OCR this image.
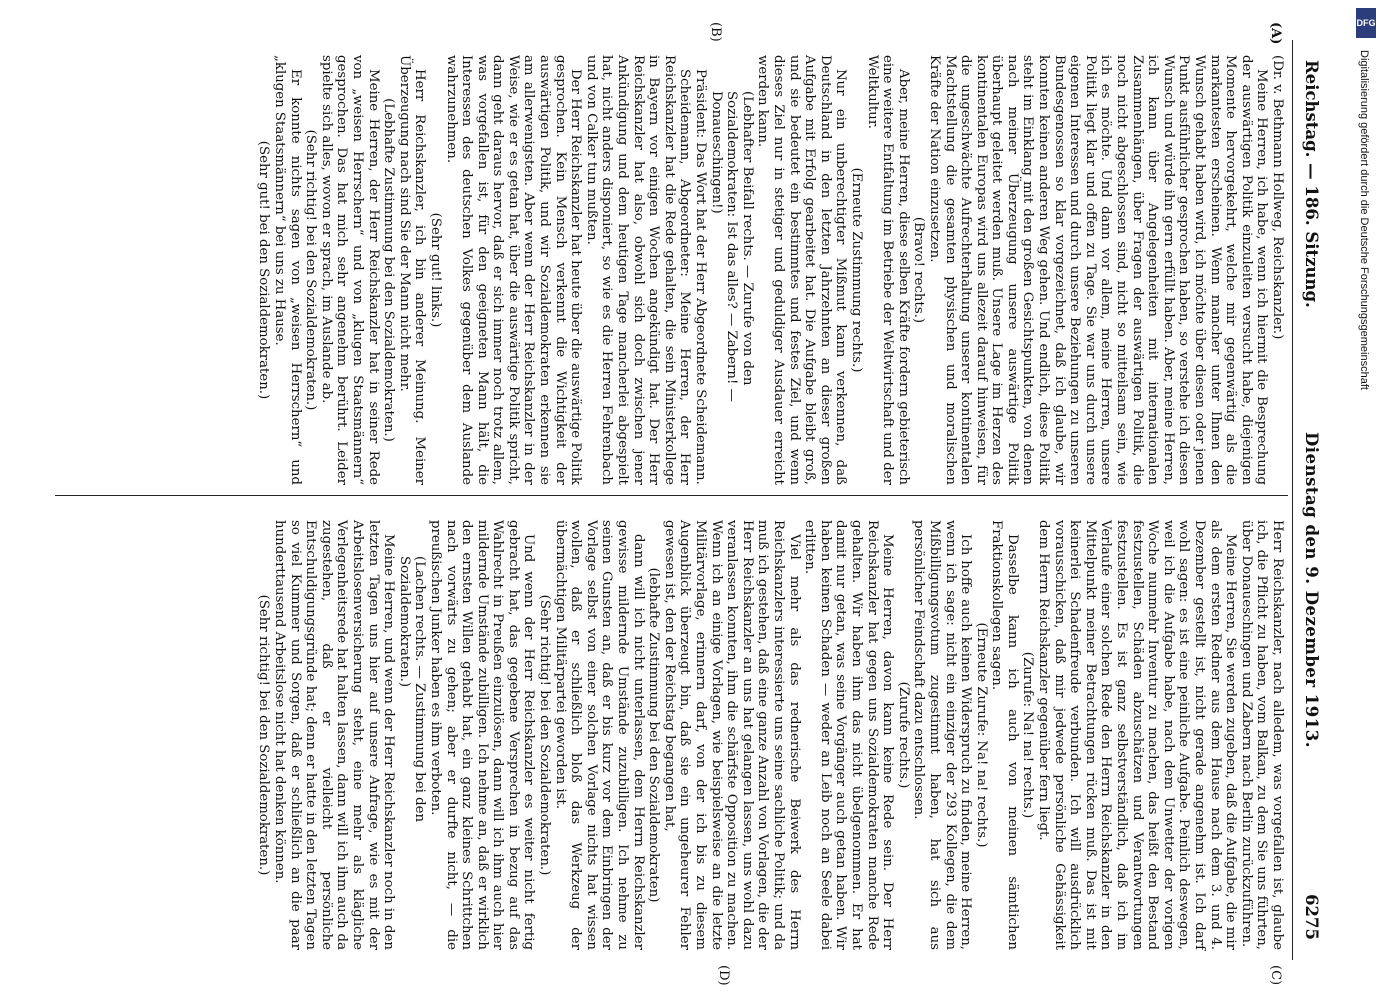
Reichstag. — 186. Sitzung.
Dienstag den 9. Dezember 1913.
6275
(A)
(B)
(C)
(D)

(Dr. v. Bethmann Hollweg, Reichskanzler.)

Meine Herren, ich habe, wenn ich hiermit die Besprechung der auswärtigen Politik einzuleiten versucht habe, diejenigen Momente hervorgekehrt, welche mir gegenwärtig als die markantesten erscheinen. Wenn mancher unter Ihnen den Wunsch gehabt haben wird, ich möchte über diesen oder jenen Punkt ausführlicher gesprochen haben, so verstehe ich diesen Wunsch und würde ihn gern erfüllt haben. Aber, meine Herren, ich kann über Angelegenheiten mit internationalen Zusammenhängen, über Fragen der auswärtigen Politik, die noch nicht abgeschlossen sind, nicht so mitteilsam sein, wie ich es möchte. Und dann vor allem, meine Herren, unsere Politik liegt klar und offen zu Tage. Sie war uns durch unsere eigenen Interessen und durch unsere Beziehungen zu unseren Bundesgenossen so klar vorgezeichnet, daß ich glaube, wir konnten keinen anderen Weg gehen. Und endlich, diese Politik steht im Einklang mit den großen Gesichtspunkten, von denen nach meiner Überzeugung unsere auswärtige Politik überhaupt geleitet werden muß. Unsere Lage im Herzen des kontinentalen Europas wird uns allezeit darauf hinweisen, für die ungeschwächte Aufrechterhaltung unserer kontinentalen Machtstellung die gesamten physischen und moralischen Kräfte der Nation einzusetzen.

(Bravo! rechts.)

Aber, meine Herren, diese selben Kräfte fordern gebieterisch eine weitere Entfaltung im Betriebe der Weltwirtschaft und der Weltkultur.

(Erneute Zustimmung rechts.)

Nur ein unberechtigter Mißmut kann verkennen, daß Deutschland in den letzten Jahrzehnten an dieser großen Aufgabe mit Erfolg gearbeitet hat. Die Aufgabe bleibt groß, und sie bedeutet ein bestimmtes und festes Ziel, und wenn dieses Ziel nur in stetiger und geduldiger Ausdauer erreicht werden kann.

(Lebhafter Beifall rechts. — Zurufe von den Sozialdemokraten: Ist das alles? — Zabern! — Donaueschingen!)

Präsident: Das Wort hat der Herr Abgeordnete Scheidemann.

Scheidemann, Abgeordneter: Meine Herren, der Herr Reichskanzler hat die Rede gehalten, die sein Ministerkollege in Bayern vor einigen Wochen angekündigt hat. Der Herr Reichskanzler hat also, obwohl sich doch zwischen jener Ankündigung und dem heutigen Tage mancherlei abgespielt hat, nicht anders disponiert, so wie es die Herren Fehrenbach und von Calker tun mußten.

Der Herr Reichskanzler hat heute über die auswärtige Politik gesprochen. Kein Mensch verkennt die Wichtigkeit der auswärtigen Politik, und wir Sozialdemokraten erkennen sie am allerwenigsten. Aber wenn der Herr Reichskanzler in der Weise, wie er es getan hat, über die auswärtige Politik spricht, dann geht daraus hervor, daß er sich immer noch trotz allem, was vorgefallen ist, für den geeigneten Mann hält, die Interessen des deutschen Volkes gegenüber dem Auslande wahrzunehmen.

(Sehr gut! links.)

Herr Reichskanzler, ich bin anderer Meinung. Meiner Überzeugung nach sind Sie der Mann nicht mehr.

(Lebhafte Zustimmung bei den Sozialdemokraten.)

Meine Herren, der Herr Reichskanzler hat in seiner Rede von „weisen Herrschern“ und von „klugen Staatsmännern“ gesprochen. Das hat mich sehr angenehm berührt. Leider spielte sich alles, wovon er sprach, im Auslande ab.

(Sehr richtig! bei den Sozialdemokraten.)

Er konnte nichts sagen von „weisen Herrschern“ und „klugen Staatsmännern“ bei uns zu Hause.

(Sehr gut! bei den Sozialdemokraten.)

Herr Reichskanzler, nach alledem, was vorgefallen ist, glaube ich, die Pflicht zu haben, vom Balkan, zu dem Sie uns führten, über Donaueschingen und Zabern nach Berlin zurückzuführen.

Meine Herren, Sie werden zugeben, daß die Aufgabe, die mir als dem ersten Redner aus dem Hause nach dem 3. und 4. Dezember gestellt ist, nicht gerade angenehm ist. Ich darf wohl sagen: es ist eine peinliche Aufgabe. Peinlich deswegen, weil ich die Aufgabe habe, nach dem Unwetter der vorigen Woche nunmehr Inventur zu machen, das heißt den Bestand festzustellen, Schäden abzuschätzen und Verantwortungen festzustellen. Es ist ganz selbstverständlich, daß ich im Verlaufe einer solchen Rede den Herrn Reichskanzler in den Mittelpunkt meiner Betrachtungen rücken muß. Das ist mit keinerlei Schadenfreude verbunden. Ich will ausdrücklich vorausschicken, daß mir jedwede persönliche Gehässigkeit dem Herrn Reichskanzler gegenüber fern liegt.

(Zurufe: Na! na! rechts.)

Dasselbe kann ich auch von meinen sämtlichen Fraktionskollegen sagen.

(Erneute Zurufe: Na! na! rechts.)

Ich hoffe auch keinen Widerspruch zu finden, meine Herren, wenn ich sage: nicht ein einziger der 293 Kollegen, die dem Mißbilligungsvotum zugestimmt haben, hat sich aus persönlicher Feindschaft dazu entschlossen.

(Zurufe rechts.)

Meine Herren, davon kann keine Rede sein. Der Herr Reichskanzler hat gegen uns Sozialdemokraten manche Rede gehalten. Wir haben ihm das nicht übelgenommen. Er hat damit nur getan, was seine Vorgänger auch getan haben. Wir haben keinen Schaden — weder an Leib noch an Seele dabei erlitten.

Viel mehr als das rednerische Beiwerk des Herrn Reichskanzlers interessierte uns seine sachliche Politik; und da muß ich gestehen, daß eine ganze Anzahl von Vorlagen, die der Herr Reichskanzler an uns hat gelangen lassen, uns wohl dazu veranlassen konnten, ihm die schärfste Opposition zu machen. Wenn ich an einige Vorlagen, wie beispielsweise an die letzte Militärvorlage, erinnern darf, von der ich bis zu diesem Augenblick überzeugt bin, daß sie ein ungeheurer Fehler gewesen ist, den der Reichstag begangen hat,

(lebhafte Zustimmung bei den Sozialdemokraten)

dann will ich nicht unterlassen, dem Herrn Reichskanzler gewisse mildernde Umstände zuzubilligen. Ich nehme zu seinen Gunsten an, daß er bis kurz vor dem Einbringen der Vorlage selbst von einer solchen Vorlage nichts hat wissen wollen, daß er schließlich bloß das Werkzeug der übermächtigen Militärpartei geworden ist.

(Sehr richtig! bei den Sozialdemokraten.)

Und wenn der Herr Reichskanzler es weiter nicht fertig gebracht hat, das gegebene Versprechen in bezug auf das Wahlrecht in Preußen einzulösen, dann will ich ihm auch hier mildernde Umstände zubilligen. Ich nehme an, daß er wirklich den ernsten Willen gehabt hat, ein ganz kleines Schrittchen nach vorwärts zu gehen; aber er durfte nicht, — die preußischen Junker haben es ihm verboten.

(Lachen rechts. — Zustimmung bei den Sozialdemokraten.)

Meine Herren, und wenn der Herr Reichskanzler noch in den letzten Tagen uns hier auf unsere Anfrage, wie es mit der Arbeitslosenversicherung steht, eine mehr als klägliche Verlegenheitsrede hat halten lassen, dann will ich ihm auch da zugestehen, daß er vielleicht persönliche Entschuldigungsgründe hat; denn er hatte in den letzten Tagen so viel Kummer und Sorgen, daß er schließlich an die paar hunderttausend Arbeitslose nicht hat denken können.

(Sehr richtig! bei den Sozialdemokraten.)

DFG
Digitalisierung gefördert durch die Deutsche Forschungsgemeinschaft
